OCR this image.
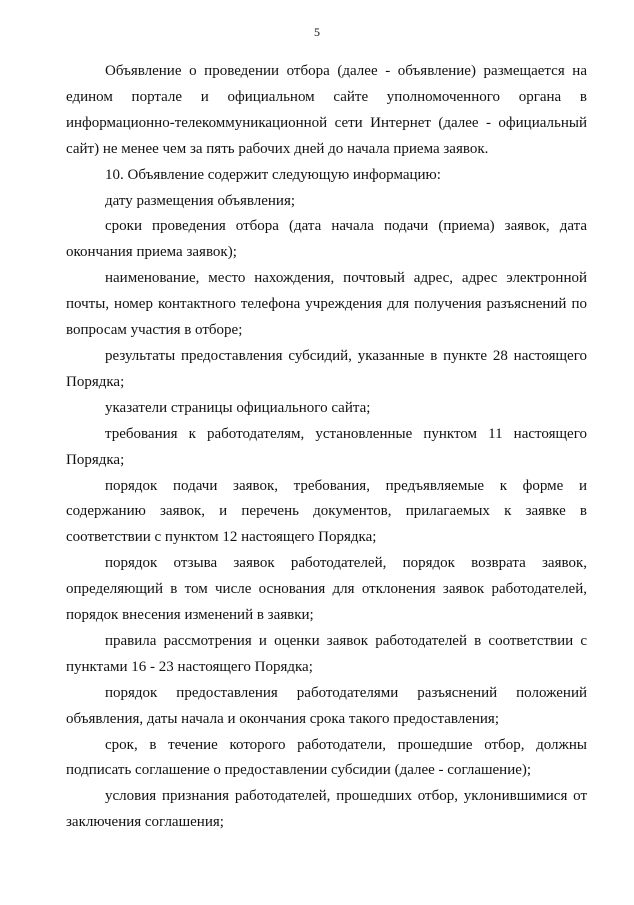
5

Объявление о проведении отбора (далее - объявление) размещается на едином портале и официальном сайте уполномоченного органа в информационно-телекоммуникационной сети Интернет (далее - официальный сайт) не менее чем за пять рабочих дней до начала приема заявок.

10. Объявление содержит следующую информацию:

дату размещения объявления;

сроки проведения отбора (дата начала подачи (приема) заявок, дата окончания приема заявок);

наименование, место нахождения, почтовый адрес, адрес электронной почты, номер контактного телефона учреждения для получения разъяснений по вопросам участия в отборе;

результаты предоставления субсидий, указанные в пункте 28 настоящего Порядка;

указатели страницы официального сайта;

требования к работодателям, установленные пунктом 11 настоящего Порядка;

порядок подачи заявок, требования, предъявляемые к форме и содержанию заявок, и перечень документов, прилагаемых к заявке в соответствии с пунктом 12 настоящего Порядка;

порядок отзыва заявок работодателей, порядок возврата заявок, определяющий в том числе основания для отклонения заявок работодателей, порядок внесения изменений в заявки;

правила рассмотрения и оценки заявок работодателей в соответствии с пунктами 16 - 23 настоящего Порядка;

порядок предоставления работодателями разъяснений положений объявления, даты начала и окончания срока такого предоставления;

срок, в течение которого работодатели, прошедшие отбор, должны подписать соглашение о предоставлении субсидии (далее - соглашение);

условия признания работодателей, прошедших отбор, уклонившимися от заключения соглашения;
